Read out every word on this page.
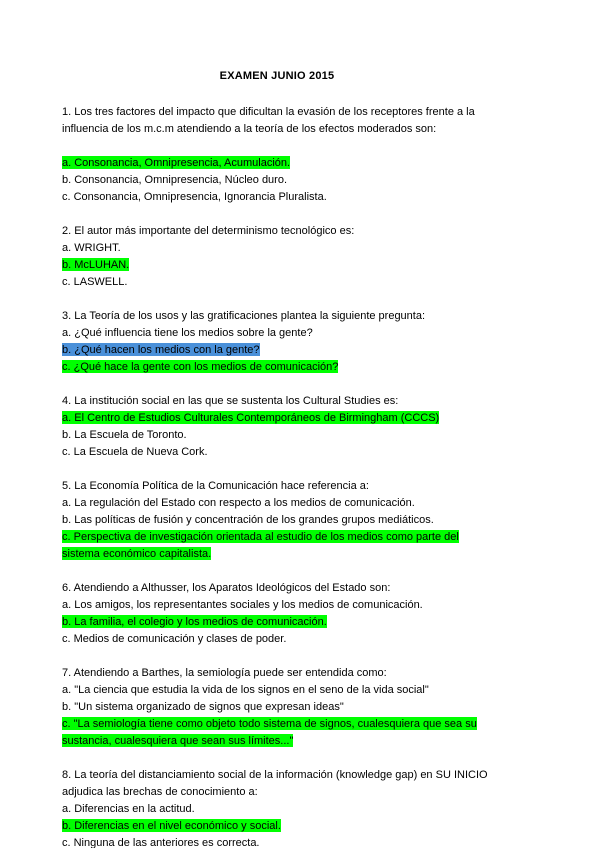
EXAMEN JUNIO 2015

1. Los tres factores del impacto que dificultan la evasión de los receptores frente a la influencia de los m.c.m atendiendo a la teoría de los efectos moderados son:

a. Consonancia, Omnipresencia, Acumulación.
b. Consonancia, Omnipresencia, Núcleo duro.
c. Consonancia, Omnipresencia, Ignorancia Pluralista.

2. El autor más importante del determinismo tecnológico es:

a. WRIGHT.
b. McLUHAN.
c. LASWELL.

3. La Teoría de los usos y las gratificaciones plantea la siguiente pregunta:

a. ¿Qué influencia tiene los medios sobre la gente?
b. ¿Qué hacen los medios con la gente?
c. ¿Qué hace la gente con los medios de comunicación?

4. La institución social en las que se sustenta los Cultural Studies es:

a. El Centro de Estudios Culturales Contemporáneos de Birmingham (CCCS)
b. La Escuela de Toronto.
c. La Escuela de Nueva Cork.

5. La Economía Política de la Comunicación hace referencia a:

a. La regulación del Estado con respecto a los medios de comunicación.
b. Las políticas de fusión y concentración de los grandes grupos mediáticos.
c. Perspectiva de investigación orientada al estudio de los medios como parte del sistema económico capitalista.

6. Atendiendo a Althusser, los Aparatos Ideológicos del Estado son:

a. Los amigos, los representantes sociales y los medios de comunicación.
b. La familia, el colegio y los medios de comunicación.
c. Medios de comunicación y clases de poder.

7. Atendiendo a Barthes, la semiología puede ser entendida como:

a. "La ciencia que estudia la vida de los signos en el seno de la vida social"
b. "Un sistema organizado de signos que expresan ideas"
c. "La semiología tiene como objeto todo sistema de signos, cualesquiera que sea su sustancia, cualesquiera que sean sus límites..."

8. La teoría del distanciamiento social de la información (knowledge gap) en SU INICIO adjudica las brechas de conocimiento a:

a. Diferencias en la actitud.
b. Diferencias en el nivel económico y social.
c. Ninguna de las anteriores es correcta.
